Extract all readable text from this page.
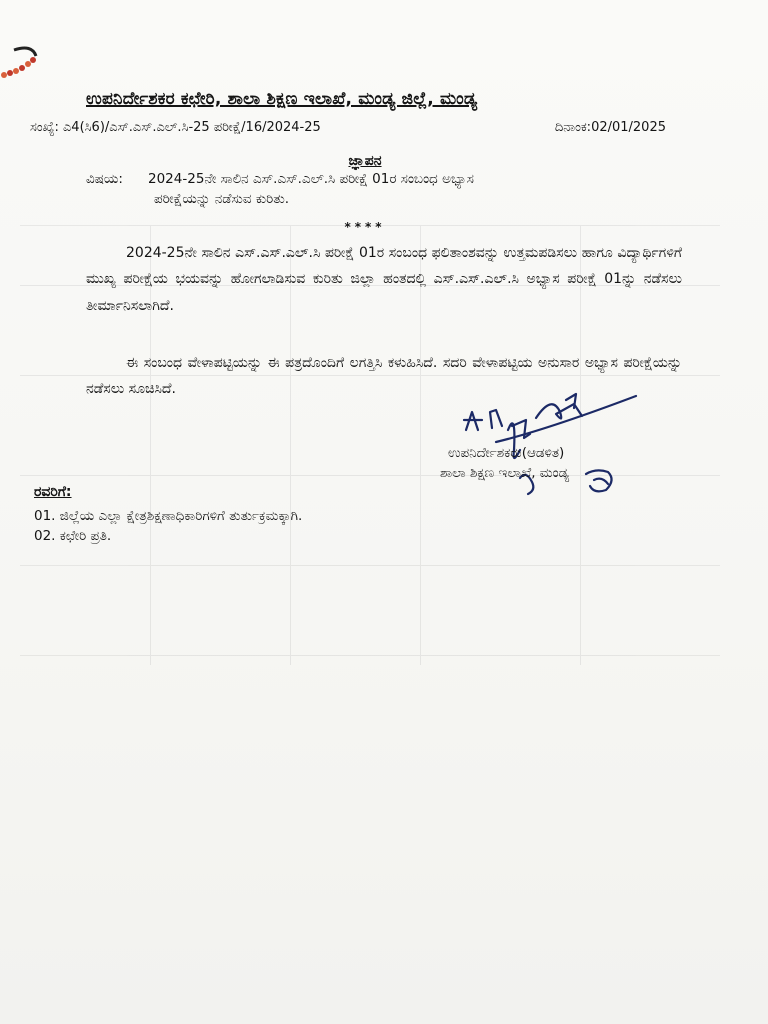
ಉಪನಿರ್ದೇಶಕರ ಕಛೇರಿ, ಶಾಲಾ ಶಿಕ್ಷಣ ಇಲಾಖೆ, ಮಂಡ್ಯ ಜಿಲ್ಲೆ, ಮಂಡ್ಯ
ಸಂಖ್ಯೆ: ಎ4(ಸಿ6)/ಎಸ್.ಎಸ್.ಎಲ್.ಸಿ-25 ಪರೀಕ್ಷೆ/16/2024-25	ದಿನಾಂಕ:02/01/2025
ಜ್ಞಾಪನ
ವಿಷಯ: 2024-25ನೇ ಸಾಲಿನ ಎಸ್.ಎಸ್.ಎಲ್.ಸಿ ಪರೀಕ್ಷೆ 01ರ ಸಂಬಂಧ ಅಭ್ಯಾಸ
ಪರೀಕ್ಷೆಯನ್ನು ನಡೆಸುವ ಕುರಿತು.
****
2024-25ನೇ ಸಾಲಿನ ಎಸ್.ಎಸ್.ಎಲ್.ಸಿ ಪರೀಕ್ಷೆ 01ರ ಸಂಬಂಧ ಫಲಿತಾಂಶವನ್ನು ಉತ್ತಮಪಡಿಸಲು ಹಾಗೂ ವಿದ್ಯಾರ್ಥಿಗಳಿಗೆ ಮುಖ್ಯ ಪರೀಕ್ಷೆಯ ಭಯವನ್ನು ಹೋಗಲಾಡಿಸುವ ಕುರಿತು ಜಿಲ್ಲಾ ಹಂತದಲ್ಲಿ ಎಸ್.ಎಸ್.ಎಲ್.ಸಿ ಅಭ್ಯಾಸ ಪರೀಕ್ಷೆ 01ನ್ನು ನಡೆಸಲು ತೀರ್ಮಾನಿಸಲಾಗಿದೆ.
ಈ ಸಂಬಂಧ ವೇಳಾಪಟ್ಟಿಯನ್ನು ಈ ಪತ್ರದೊಂದಿಗೆ ಲಗತ್ತಿಸಿ ಕಳುಹಿಸಿದೆ. ಸದರಿ ವೇಳಾಪಟ್ಟಿಯ ಅನುಸಾರ ಅಭ್ಯಾಸ ಪರೀಕ್ಷೆಯನ್ನು ನಡೆಸಲು ಸೂಚಿಸಿದೆ.
ಉಪನಿರ್ದೇಶಕರು(ಆಡಳಿತ)
ಶಾಲಾ ಶಿಕ್ಷಣ ಇಲಾಖೆ, ಮಂಡ್ಯ
ರವರಿಗೆ:
01. ಜಿಲ್ಲೆಯ ಎಲ್ಲಾ ಕ್ಷೇತ್ರಶಿಕ್ಷಣಾಧಿಕಾರಿಗಳಿಗೆ ತುರ್ತುಕ್ರಮಕ್ಕಾಗಿ.
02. ಕಛೇರಿ ಪ್ರತಿ.
